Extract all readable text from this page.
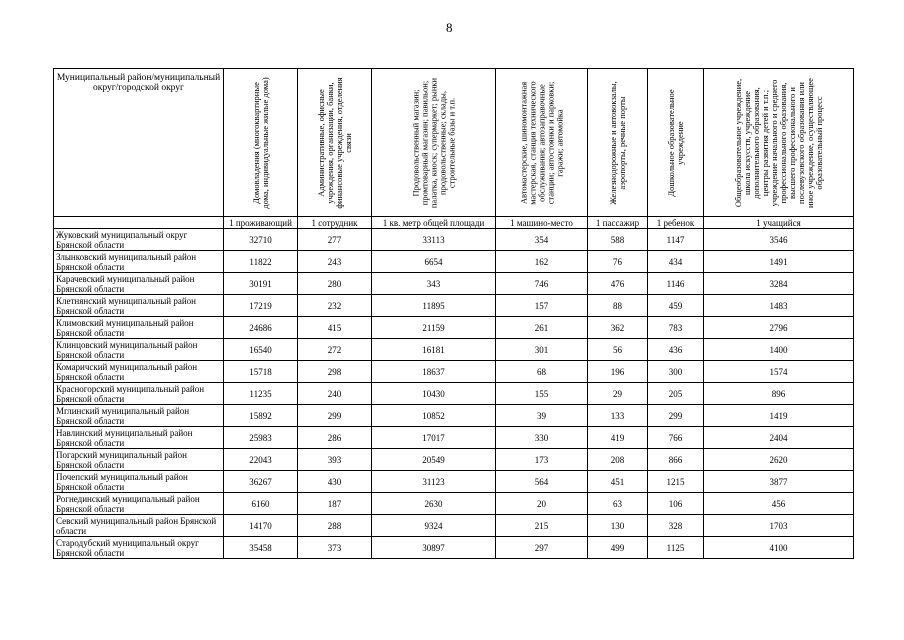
8
Муниципальный район/муниципальный округ/городской округ	Домовладения (многоквартирные дома, индивидуальные жилые дома)	Административные, офисные учреждения, организации, банки, финансовые учреждения, отделения связи	Продовольственный магазин; промтоварный магазин; павильон; палатка, киоск; супермаркет; рынки продовольственные; склады, строительные базы и т.п.	Автомастерские, шиномонтажная мастерская, станция технического обслуживания; автозаправочные станции; автостоянки и парковки; гаражи; автомойка	Железнодорожные и автовокзалы, аэропорты, речные порты	Дошкольное образовательное учреждение	Общеобразовательное учреждение, школа искусств, учреждение дополнительного образования, центры развития детей и т.п.; учреждение начального и среднего профессионального образования, высшего профессионального и послевузовского образования или иное учреждение, осуществляющее образовательный процесс

	1 проживающий	1 сотрудник	1 кв. метр общей площади	1 машино-место	1 пассажир	1 ребенок	1 учащийся
Жуковский муниципальный округ Брянской области	32710	277	33113	354	588	1147	3546
Злынковский муниципальный район Брянской области	11822	243	6654	162	76	434	1491
Карачевский муниципальный район Брянской области	30191	280	343	746	476	1146	3284
Клетнянский муниципальный район Брянской области	17219	232	11895	157	88	459	1483
Климовский муниципальный район Брянской области	24686	415	21159	261	362	783	2796
Клинцовский муниципальный район Брянской области	16540	272	16181	301	56	436	1400
Комаричский муниципальный район Брянской области	15718	298	18637	68	196	300	1574
Красногорский муниципальный район Брянской области	11235	240	10430	155	29	205	896
Мглинский муниципальный район Брянской области	15892	299	10852	39	133	299	1419
Навлинский муниципальный район Брянской области	25983	286	17017	330	419	766	2404
Погарский муниципальный район Брянской области	22043	393	20549	173	208	866	2620
Почепский муниципальный район Брянской области	36267	430	31123	564	451	1215	3877
Рогнединский муниципальный район Брянской области	6160	187	2630	20	63	106	456
Севский муниципальный район Брянской области	14170	288	9324	215	130	328	1703
Стародубский муниципальный округ Брянской области	35458	373	30897	297	499	1125	4100
